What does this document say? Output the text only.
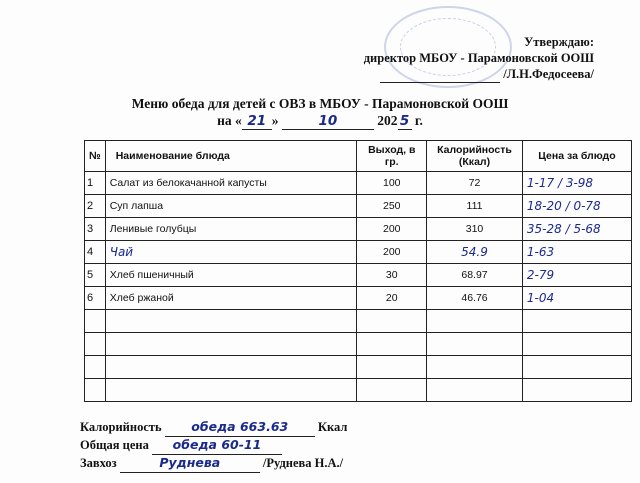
Утверждаю:
директор МБОУ - Парамоновской ООШ
/Л.Н.Федосеева/
Меню обеда для детей с ОВЗ в МБОУ - Парамоновской ООШ
на « 21 »	10	202 5 г.
№	Наименование блюда	Выход, в гр.	Калорийность (Ккал)	Цена за блюдо
1	Салат из белокачанной капусты	100	72	1-17 / 3-98
2	Суп лапша	250	111	18-20 / 0-78
3	Ленивые голубцы	200	310	35-28 / 5-68
4	Чай	200	54.9	1-63
5	Хлеб пшеничный	30	68.97	2-79
6	Хлеб ржаной	20	46.76	1-04

Калорийность обеда 663.63 Ккал
Общая цена обеда 60-11
Завхоз	Руднева	/Руднева Н.А./
